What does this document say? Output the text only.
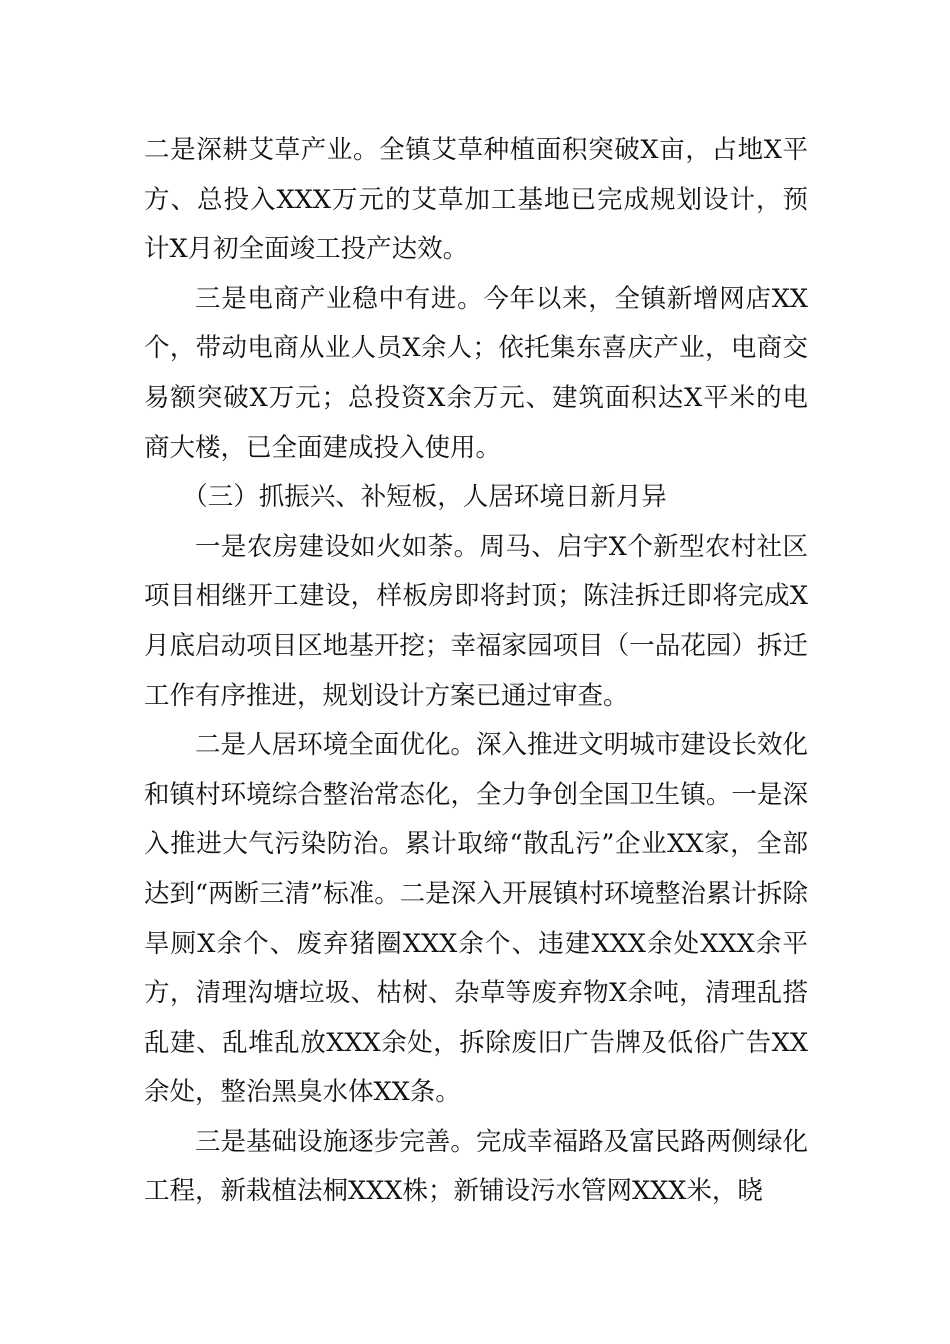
二是深耕艾草产业。全镇艾草种植面积突破X亩，占地X平方、总投入XXX万元的艾草加工基地已完成规划设计，预计X月初全面竣工投产达效。

三是电商产业稳中有进。今年以来，全镇新增网店XX个，带动电商从业人员X余人；依托集东喜庆产业，电商交易额突破X万元；总投资X余万元、建筑面积达X平米的电商大楼，已全面建成投入使用。

（三）抓振兴、补短板，人居环境日新月异

一是农房建设如火如荼。周马、启宇X个新型农村社区项目相继开工建设，样板房即将封顶；陈洼拆迁即将完成X月底启动项目区地基开挖；幸福家园项目（一品花园）拆迁工作有序推进，规划设计方案已通过审查。

二是人居环境全面优化。深入推进文明城市建设长效化和镇村环境综合整治常态化，全力争创全国卫生镇。一是深入推进大气污染防治。累计取缔“散乱污”企业XX家，全部达到“两断三清”标准。二是深入开展镇村环境整治累计拆除旱厕X余个、废弃猪圈XXX余个、违建XXX余处XXX余平方，清理沟塘垃圾、枯树、杂草等废弃物X余吨，清理乱搭乱建、乱堆乱放XXX余处，拆除废旧广告牌及低俗广告XX余处，整治黑臭水体XX条。

三是基础设施逐步完善。完成幸福路及富民路两侧绿化工程，新栽植法桐XXX株；新铺设污水管网XXX米，晓
